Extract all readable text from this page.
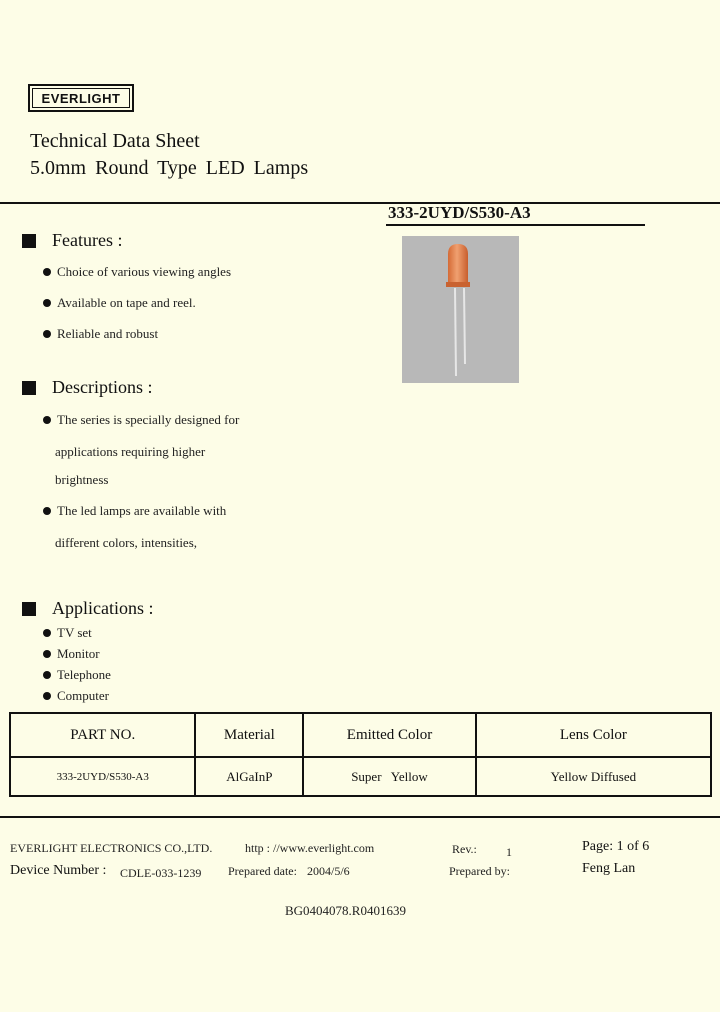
EVERLIGHT
Technical Data Sheet
5.0mm Round Type LED Lamps
333-2UYD/S530-A3
Features :
Choice of various viewing angles
Available on tape and reel.
Reliable and robust
Descriptions :
The series is specially designed for
applications requiring higher
brightness
The led lamps are available with
different colors, intensities,
Applications :
TV set
Monitor
Telephone
Computer
PART NO.	Material	Emitted Color	Lens Color
333-2UYD/S530-A3	AlGaInP	Super   Yellow	Yellow Diffused
EVERLIGHT ELECTRONICS CO.,LTD.	http : //www.everlight.com	Rev.: 1	Page: 1 of 6
Device Number : CDLE-033-1239 Prepared date: 2004/5/6	Prepared by:	Feng Lan
BG0404078.R0401639
